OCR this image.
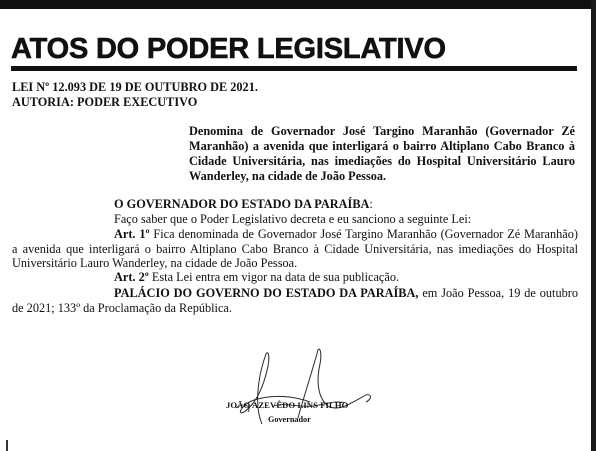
ATOS DO PODER LEGISLATIVO
LEI Nº 12.093 DE 19 DE OUTUBRO DE 2021.
AUTORIA: PODER EXECUTIVO
Denomina de Governador José Targino Maranhão (Governador Zé Maranhão) a avenida que interligará o bairro Altiplano Cabo Branco à Cidade Universitária, nas imediações do Hospital Universitário Lauro Wanderley, na cidade de João Pessoa.
O GOVERNADOR DO ESTADO DA PARAÍBA:

Faço saber que o Poder Legislativo decreta e eu sanciono a seguinte Lei:

Art. 1º Fica denominada de Governador José Targino Maranhão (Governador Zé Maranhão) a avenida que interligará o bairro Altiplano Cabo Branco à Cidade Universitária, nas imediações do Hospital Universitário Lauro Wanderley, na cidade de João Pessoa.

Art. 2º Esta Lei entra em vigor na data de sua publicação.

PALÁCIO DO GOVERNO DO ESTADO DA PARAÍBA, em João Pessoa, 19 de outubro de 2021; 133º da Proclamação da República.

JOÃO AZEVÊDO LINS FILHO
Governador
